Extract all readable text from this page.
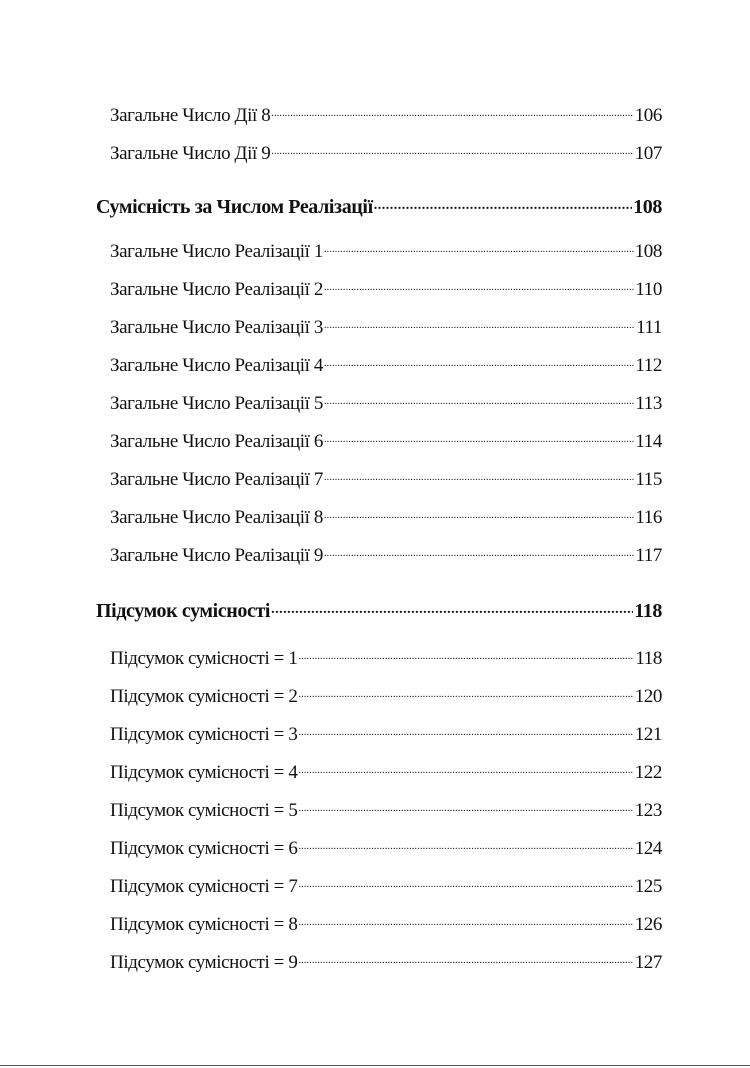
Загальне Число Дії 8 .....	106
Загальне Число Дії 9 .....	107
Сумісність за Числом Реалізації .....	108
Загальне Число Реалізації 1 .....	108
Загальне Число Реалізації 2 .....	110
Загальне Число Реалізації 3 .....	111
Загальне Число Реалізації 4 .....	112
Загальне Число Реалізації 5 .....	113
Загальне Число Реалізації 6 .....	114
Загальне Число Реалізації 7 .....	115
Загальне Число Реалізації 8 .....	116
Загальне Число Реалізації 9 .....	117
Підсумок сумісності .....	118
Підсумок сумісності = 1 .....	118
Підсумок сумісності = 2 .....	120
Підсумок сумісності = 3 .....	121
Підсумок сумісності = 4 .....	122
Підсумок сумісності = 5 .....	123
Підсумок сумісності = 6 .....	124
Підсумок сумісності = 7 .....	125
Підсумок сумісності = 8 .....	126
Підсумок сумісності = 9 .....	127
